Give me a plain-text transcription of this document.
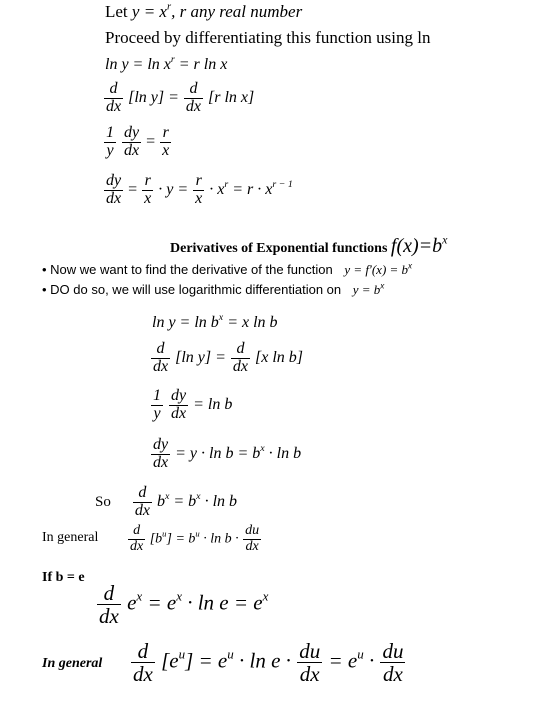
Let $y = x^r$, r any real number
Proceed by differentiating this function using ln
$\ln y = \ln x^r = r$ ln x
$\frac{d}{dx} [\ln$ $y] = \frac{d}{dx} [r$ ln x]
$\frac{1}{y}$
$\frac{dy}{dx} = \frac{r}{x}$
$\frac{dy}{dx} = \frac{r}{x} \cdot y = \frac{r}{x} \cdot x^r = r \cdot x^{r - 1}$
Derivatives of Exponential functions $f(x)=b^x$
• Now we want to find the derivative of the function $y = f'(x) = b^x$
• DO do so, we will use logarithmic differentiation on $y = b^x$
$\ln y = \ln b^x = x$ ln b
$\frac{d}{dx} [\ln$ $y] = \frac{d}{dx} [x$ ln b]
$\frac{1}{y}$
$\frac{dy}{dx} = \ln b$
$\frac{dy}{dx} = y \cdot \ln b = b^x \cdot \ln b$
So $\frac{d}{dx} b^x = b^x \cdot \ln b$
In general $\frac{d}{dx} [b^u] = b^u \cdot \ln b \cdot \frac{du}{dx}$
If b = e
$\frac{d}{dx} e^x = e^x \cdot \ln e = e^x$
In general $\frac{d}{dx} [e^u] = e^u \cdot \ln e \cdot \frac{du}{dx} = e^u \cdot \frac{du}{dx}$
